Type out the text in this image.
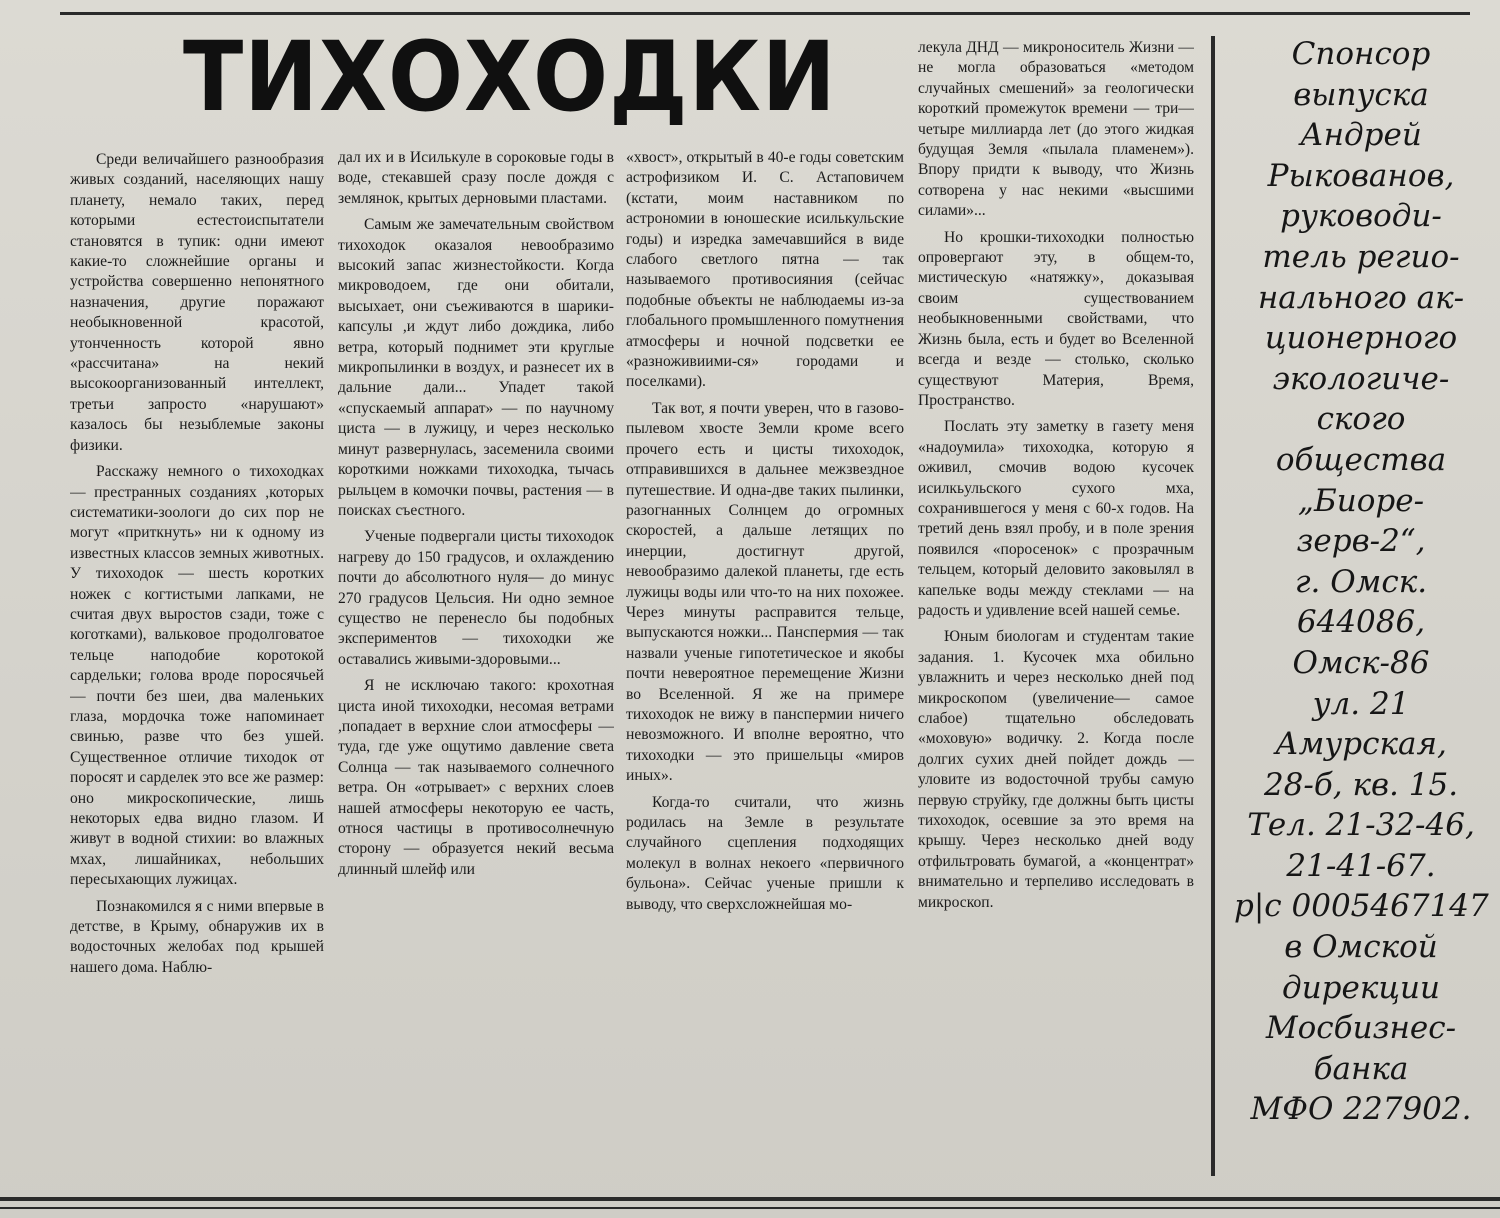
ТИХОХОДКИ

Среди величайшего разнообразия живых созданий, населяющих нашу планету, немало таких, перед которыми естестоиспытатели становятся в тупик: одни имеют какие-то сложнейшие органы и устройства совершенно непонятного назначения, другие поражают необыкновенной красотой, утонченность которой явно «рассчитана» на некий высокоорганизованный интеллект, третьи запросто «нарушают» казалось бы незыблемые законы физики.

Расскажу немного о тихоходках — престранных созданиях ,которых систематики-зоологи до сих пор не могут «приткнуть» ни к одному из известных классов земных животных. У тихоходок — шесть коротких ножек с когтистыми лапками, не считая двух выростов сзади, тоже с коготками), вальковое продолговатое тельце наподобие коротокой сардельки; голова вроде поросячьей — почти без шеи, два маленьких глаза, мордочка тоже напоминает свинью, разве что без ушей. Существенное отличие тиходок от поросят и сарделек это все же размер: оно микроскопические, лишь некоторых едва видно глазом. И живут в водной стихии: во влажных мхах, лишайниках, небольших пересыхающих лужицах.

Познакомился я с ними впервые в детстве, в Крыму, обнаружив их в водосточных желобах под крышей нашего дома. Наблю-

дал их и в Исилькуле в сороковые годы в воде, стекавшей сразу после дождя с землянок, крытых дерновыми пластами.

Самым же замечательным свойством тихоходок оказалоя невообразимо высокий запас жизнестойкости. Когда микроводоем, где они обитали, высыхает, они съеживаются в шарики-капсулы ,и ждут либо дождика, либо ветра, который поднимет эти круглые микропылинки в воздух, и разнесет их в дальние дали... Упадет такой «спускаемый аппарат» — по научному циста — в лужицу, и через несколько минут развернулась, засеменила своими короткими ножками тихоходка, тычась рыльцем в комочки почвы, растения — в поисках съестного.

Ученые подвергали цисты тихоходок нагреву до 150 градусов, и охлаждению почти до абсолютного нуля— до минус 270 градусов Цельсия. Ни одно земное существо не перенесло бы подобных экспериментов — тихоходки же оставались живыми-здоровыми...

Я не исключаю такого: крохотная циста иной тихоходки, несомая ветрами ,попадает в верхние слои атмосферы — туда, где уже ощутимо давление света Солнца — так называемого солнечного ветра. Он «отрывает» с верхних слоев нашей атмосферы некоторую ее часть, относя частицы в противосолнечную сторону — образуется некий весьма длинный шлейф или

«хвост», открытый в 40-е годы советским астрофизиком И. С. Астаповичем (кстати, моим наставником по астрономии в юношеские исилькульские годы) и изредка замечавшийся в виде слабого светлого пятна — так называемого противосияния (сейчас подобные объекты не наблюдаемы из-за глобального промышленного помутнения атмосферы и ночной подсветки ее «разноживиими-ся» городами и поселками).

Так вот, я почти уверен, что в газово-пылевом хвосте Земли кроме всего прочего есть и цисты тихоходок, отправившихся в дальнее межзвездное путешествие. И одна-две таких пылинки, разогнанных Солнцем до огромных скоростей, а дальше летящих по инерции, достигнут другой, невообразимо далекой планеты, где есть лужицы воды или что-то на них похожее. Через минуты расправится тельце, выпускаются ножки... Панспермия — так назвали ученые гипотетическое и якобы почти невероятное перемещение Жизни во Вселенной. Я же на примере тихоходок не вижу в панспермии ничего невозможного. И вполне вероятно, что тихоходки — это пришельцы «миров иных».

Когда-то считали, что жизнь родилась на Земле в результате случайного сцепления подходящих молекул в волнах некоего «первичного бульона». Сейчас ученые пришли к выводу, что сверхсложнейшая мо-

лекула ДНД — микроноситель Жизни — не могла образоваться «методом случайных смешений» за геологически короткий промежуток времени — три—четыре миллиарда лет (до этого жидкая будущая Земля «пылала пламенем»). Впору придти к выводу, что Жизнь сотворена у нас некими «высшими силами»...

Но крошки-тихоходки полностью опровергают эту, в общем-то, мистическую «натяжку», доказывая своим существованием необыкновенными свойствами, что Жизнь была, есть и будет во Вселенной всегда и везде — столько, сколько существуют Материя, Время, Пространство.

Послать эту заметку в газету меня «надоумила» тихоходка, которую я оживил, смочив водою кусочек исилкьульского сухого мха, сохранившегося у меня с 60-х годов. На третий день взял пробу, и в поле зрения появился «поросенок» с прозрачным тельцем, который деловито заковылял в капельке воды между стеклами — на радость и удивление всей нашей семье.

Юным биологам и студентам такие задания. 1. Кусочек мха обильно увлажнить и через несколько дней под микроскопом (увеличение— самое слабое) тщательно обследовать «моховую» водичку. 2. Когда после долгих сухих дней пойдет дождь — уловите из водосточной трубы самую первую струйку, где должны быть цисты тихоходок, осевшие за это время на крышу. Через несколько дней воду отфильтровать бумагой, а «концентрат» внимательно и терпеливо исследовать в микроскоп.

Спонсор
выпуска
Андрей
Рыкованов,
руководи-
тель регио-
нального ак-
ционерного
экологиче-
ского
общества
„Биоре-
зерв-2“,
г. Омск.
644086,
Омск-86
ул. 21
Амурская,
28-б, кв. 15.
Тел. 21-32-46,
21-41-67.
р|с 0005467147
в Омской
дирекции
Мосбизнес-
банка
МФО 227902.
